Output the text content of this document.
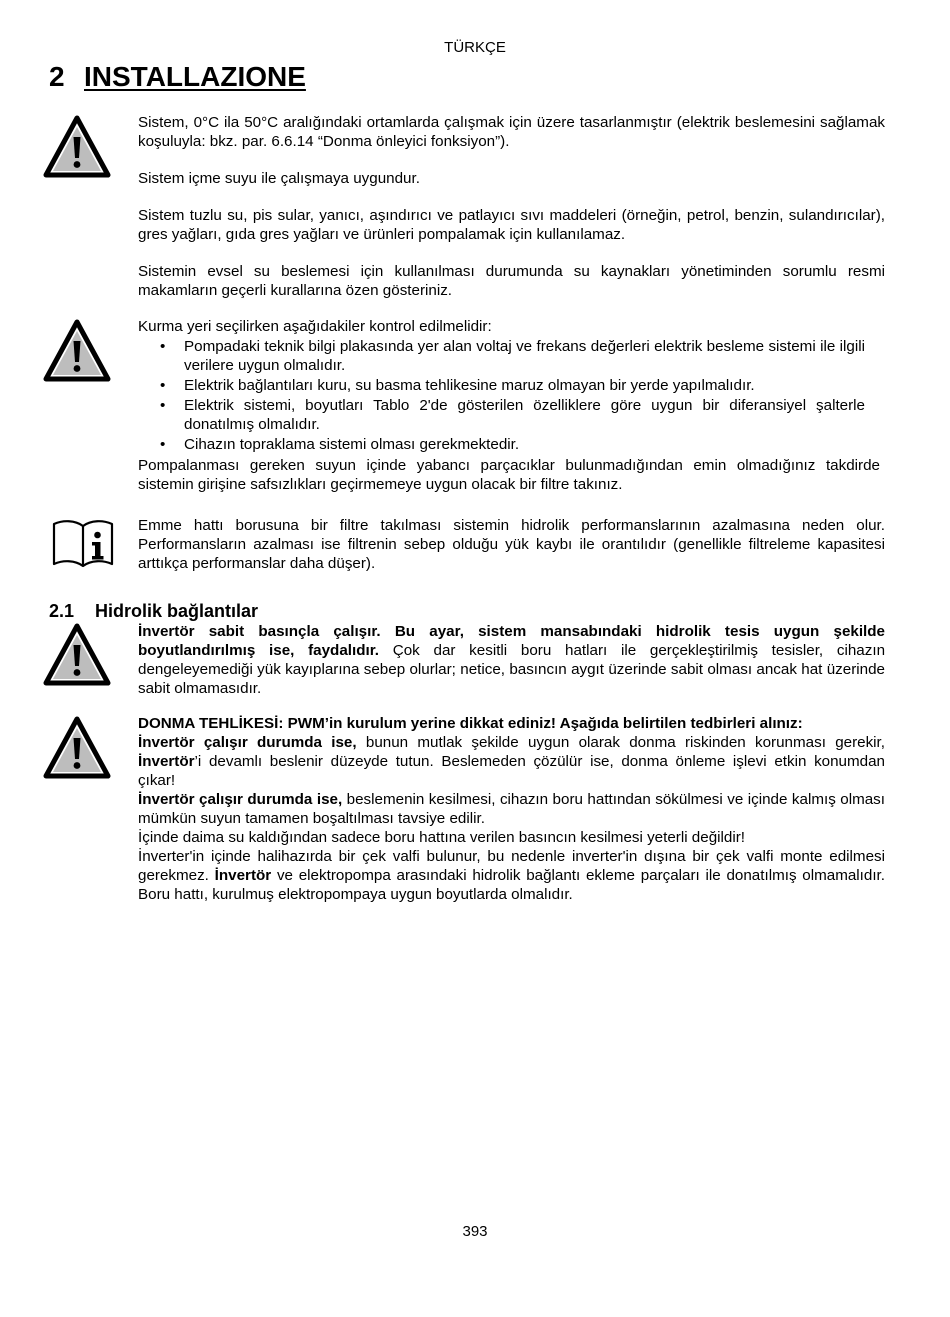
TÜRKÇE
2 INSTALLAZIONE

Sistem, 0°C ila 50°C aralığındaki ortamlarda çalışmak için üzere tasarlanmıştır (elektrik beslemesini sağlamak koşuluyla: bkz. par. 6.6.14 “Donma önleyici fonksiyon”).

Sistem içme suyu ile çalışmaya uygundur.

Sistem tuzlu su, pis sular, yanıcı, aşındırıcı ve patlayıcı sıvı maddeleri (örneğin, petrol, benzin, sulandırıcılar), gres yağları, gıda gres yağları ve ürünleri pompalamak için kullanılamaz.

Sistemin evsel su beslemesi için kullanılması durumunda su kaynakları yönetiminden sorumlu resmi makamların geçerli kurallarına özen gösteriniz.

Kurma yeri seçilirken aşağıdakiler kontrol edilmelidir:

• Pompadaki teknik bilgi plakasında yer alan voltaj ve frekans değerleri elektrik besleme sistemi ile ilgili verilere uygun olmalıdır.
• Elektrik bağlantıları kuru, su basma tehlikesine maruz olmayan bir yerde yapılmalıdır.
• Elektrik sistemi, boyutları Tablo 2'de gösterilen özelliklere göre uygun bir diferansiyel şalterle donatılmış olmalıdır.
• Cihazın topraklama sistemi olması gerekmektedir.

Pompalanması gereken suyun içinde yabancı parçacıklar bulunmadığından emin olmadığınız takdirde sistemin girişine safsızlıkları geçirmemeye uygun olacak bir filtre takınız.

Emme hattı borusuna bir filtre takılması sistemin hidrolik performanslarının azalmasına neden olur. Performansların azalması ise filtrenin sebep olduğu yük kaybı ile orantılıdır (genellikle filtreleme kapasitesi arttıkça performanslar daha düşer).

2.1 Hidrolik bağlantılar

İnvertör sabit basınçla çalışır. Bu ayar, sistem mansabındaki hidrolik tesis uygun şekilde boyutlandırılmış ise, faydalıdır. Çok dar kesitli boru hatları ile gerçekleştirilmiş tesisler, cihazın dengeleyemediği yük kayıplarına sebep olurlar; netice, basıncın aygıt üzerinde sabit olması ancak hat üzerinde sabit olmamasıdır.

DONMA TEHLİKESİ: PWM’in kurulum yerine dikkat ediniz! Aşağıda belirtilen tedbirleri alınız:

İnvertör çalışır durumda ise, bunun mutlak şekilde uygun olarak donma riskinden korunması gerekir, İnvertör’i devamlı beslenir düzeyde tutun. Beslemeden çözülür ise, donma önleme işlevi etkin konumdan çıkar!

İnvertör çalışır durumda ise, beslemenin kesilmesi, cihazın boru hattından sökülmesi ve içinde kalmış olması mümkün suyun tamamen boşaltılması tavsiye edilir.

İçinde daima su kaldığından sadece boru hattına verilen basıncın kesilmesi yeterli değildir!

İnverter'in içinde halihazırda bir çek valfi bulunur, bu nedenle inverter'in dışına bir çek valfi monte edilmesi gerekmez. İnvertör ve elektropompa arasındaki hidrolik bağlantı ekleme parçaları ile donatılmış olmamalıdır. Boru hattı, kurulmuş elektropompaya uygun boyutlarda olmalıdır.

393
